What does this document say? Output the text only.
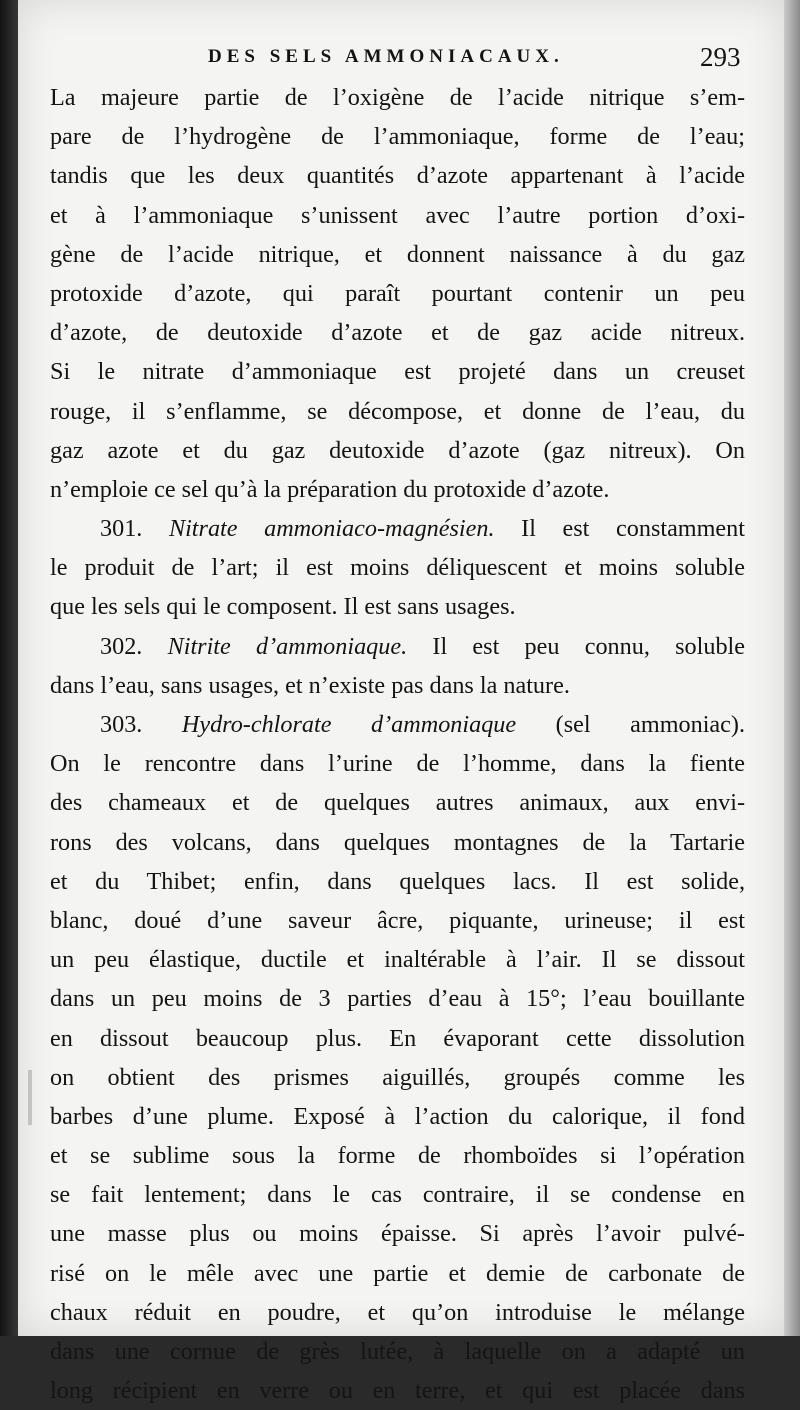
DES SELS AMMONIACAUX.	293
La majeure partie de l’oxigène de l’acide nitrique s’em-
pare de l’hydrogène de l’ammoniaque, forme de l’eau;
tandis que les deux quantités d’azote appartenant à l’acide
et à l’ammoniaque s’unissent avec l’autre portion d’oxi-
gène de l’acide nitrique, et donnent naissance à du gaz
protoxide d’azote, qui paraît pourtant contenir un peu
d’azote, de deutoxide d’azote et de gaz acide nitreux.
Si le nitrate d’ammoniaque est projeté dans un creuset
rouge, il s’enflamme, se décompose, et donne de l’eau, du
gaz azote et du gaz deutoxide d’azote (gaz nitreux). On
n’emploie ce sel qu’à la préparation du protoxide d’azote.
301. Nitrate ammoniaco-magnésien. Il est constamment
le produit de l’art; il est moins déliquescent et moins soluble
que les sels qui le composent. Il est sans usages.
302. Nitrite d’ammoniaque. Il est peu connu, soluble
dans l’eau, sans usages, et n’existe pas dans la nature.
303. Hydro-chlorate d’ammoniaque (sel ammoniac).
On le rencontre dans l’urine de l’homme, dans la fiente
des chameaux et de quelques autres animaux, aux envi-
rons des volcans, dans quelques montagnes de la Tartarie
et du Thibet; enfin, dans quelques lacs. Il est solide,
blanc, doué d’une saveur âcre, piquante, urineuse; il est
un peu élastique, ductile et inaltérable à l’air. Il se dissout
dans un peu moins de 3 parties d’eau à 15°; l’eau bouillante
en dissout beaucoup plus. En évaporant cette dissolution
on obtient des prismes aiguillés, groupés comme les
barbes d’une plume. Exposé à l’action du calorique, il fond
et se sublime sous la forme de rhomboïdes si l’opération
se fait lentement; dans le cas contraire, il se condense en
une masse plus ou moins épaisse. Si après l’avoir pulvé-
risé on le mêle avec une partie et demie de carbonate de
chaux réduit en poudre, et qu’on introduise le mélange
dans une cornue de grès lutée, à laquelle on a adapté un
long récipient en verre ou en terre, et qui est placée dans
